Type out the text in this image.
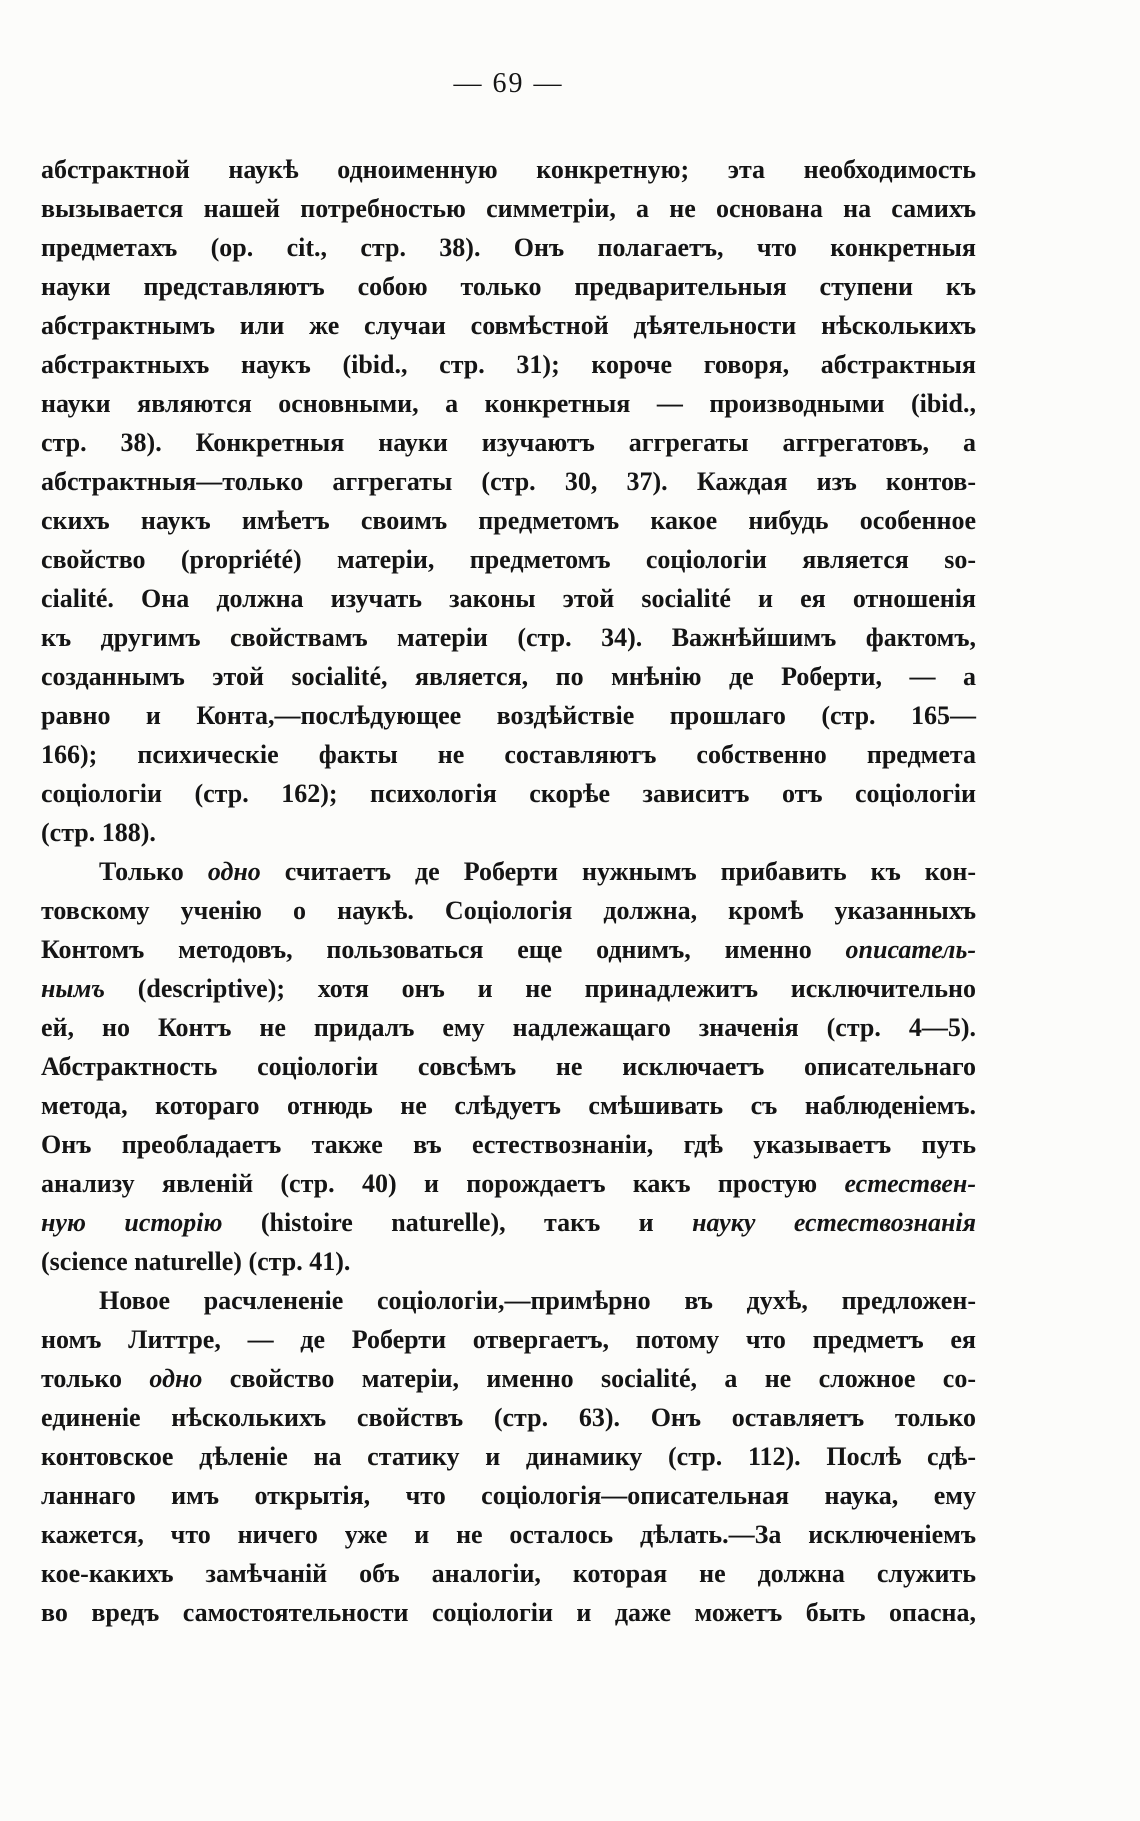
— 69 —
абстрактной наукѣ одноименную конкретную; эта необходимость
вызывается нашей потребностью симметріи, а не основана на самихъ
предметахъ (op. cit., стр. 38). Онъ полагаетъ, что конкретныя
науки представляютъ собою только предварительныя ступени къ
абстрактнымъ или же случаи совмѣстной дѣятельности нѣсколькихъ
абстрактныхъ наукъ (ibid., стр. 31); короче говоря, абстрактныя
науки являются основными, а конкретныя — производными (ibid.,
стр. 38). Конкретныя науки изучаютъ аггрегаты аггрегатовъ, а
абстрактныя—только аггрегаты (стр. 30, 37). Каждая изъ контов-
скихъ наукъ имѣетъ своимъ предметомъ какое нибудь особенное
свойство (propriété) матеріи, предметомъ соціологіи является so-
cialité. Она должна изучать законы этой socialité и ея отношенія
къ другимъ свойствамъ матеріи (стр. 34). Важнѣйшимъ фактомъ,
созданнымъ этой socialité, является, по мнѣнію де Роберти, — а
равно и Конта,—послѣдующее воздѣйствіе прошлаго (стр. 165—
166); психическіе факты не составляютъ собственно предмета
соціологіи (стр. 162); психологія скорѣе зависитъ отъ соціологіи
(стр. 188).
Только одно считаетъ де Роберти нужнымъ прибавить къ кон-
товскому ученію о наукѣ. Соціологія должна, кромѣ указанныхъ
Контомъ методовъ, пользоваться еще однимъ, именно описатель-
нымъ (descriptive); хотя онъ и не принадлежитъ исключительно
ей, но Контъ не придалъ ему надлежащаго значенія (стр. 4—5).
Абстрактность соціологіи совсѣмъ не исключаетъ описательнаго
метода, котораго отнюдь не слѣдуетъ смѣшивать съ наблюденіемъ.
Онъ преобладаетъ также въ естествознаніи, гдѣ указываетъ путь
анализу явленій (стр. 40) и порождаетъ какъ простую естествен-
ную исторію (histoire naturelle), такъ и науку естествознанія
(science naturelle) (стр. 41).
Новое расчлененіе соціологіи,—примѣрно въ духѣ, предложен-
номъ Литтре, — де Роберти отвергаетъ, потому что предметъ ея
только одно свойство матеріи, именно socialité, а не сложное со-
единеніе нѣсколькихъ свойствъ (стр. 63). Онъ оставляетъ только
контовское дѣленіе на статику и динамику (стр. 112). Послѣ сдѣ-
ланнаго имъ открытія, что соціологія—описательная наука, ему
кажется, что ничего уже и не осталось дѣлать.—За исключеніемъ
кое-какихъ замѣчаній объ аналогіи, которая не должна служить
во вредъ самостоятельности соціологіи и даже можетъ быть опасна,
